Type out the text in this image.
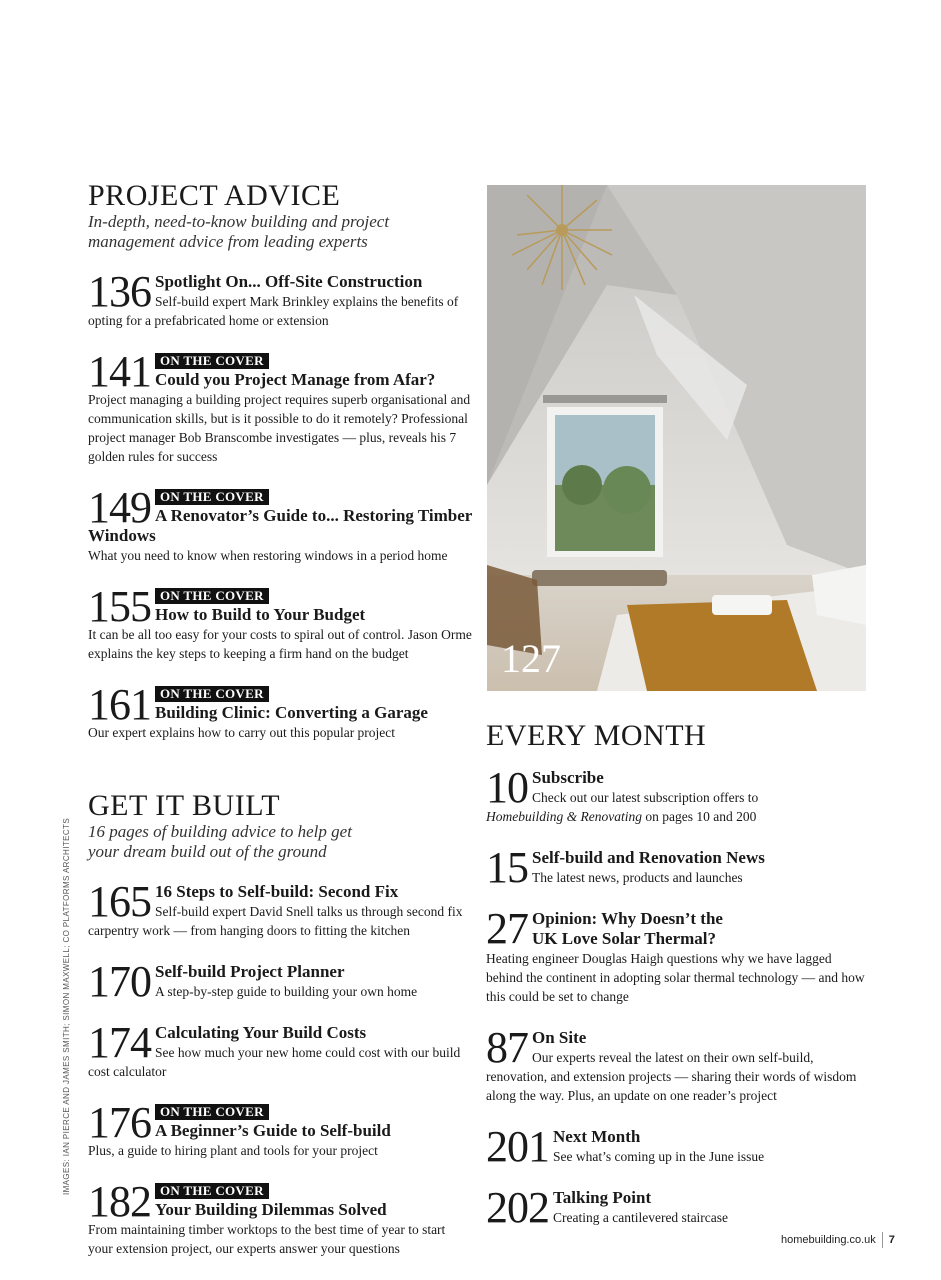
PROJECT ADVICE

In-depth, need-to-know building and project management advice from leading experts

136 Spotlight On... Off-Site Construction
Self-build expert Mark Brinkley explains the benefits of opting for a prefabricated home or extension
141 ON THE COVER
Could you Project Manage from Afar?
Project managing a building project requires superb organisational and communication skills, but is it possible to do it remotely? Professional project manager Bob Branscombe investigates — plus, reveals his 7 golden rules for success
149 ON THE COVER
A Renovator’s Guide to... Restoring Timber Windows
What you need to know when restoring windows in a period home
155 ON THE COVER
How to Build to Your Budget
It can be all too easy for your costs to spiral out of control. Jason Orme explains the key steps to keeping a firm hand on the budget
161 ON THE COVER
Building Clinic: Converting a Garage
Our expert explains how to carry out this popular project
GET IT BUILT

16 pages of building advice to help get your dream build out of the ground

165 16 Steps to Self-build: Second Fix
Self-build expert David Snell talks us through second fix carpentry work — from hanging doors to fitting the kitchen
170 Self-build Project Planner
A step-by-step guide to building your own home
174 Calculating Your Build Costs
See how much your new home could cost with our build cost calculator
176 ON THE COVER
A Beginner’s Guide to Self-build
Plus, a guide to hiring plant and tools for your project
182 ON THE COVER
Your Building Dilemmas Solved
From maintaining timber worktops to the best time of year to start your extension project, our experts answer your questions
127
EVERY MONTH
10 Subscribe
Check out our latest subscription offers to
Homebuilding & Renovating on pages 10 and 200
15 Self-build and Renovation News
The latest news, products and launches
27 Opinion: Why Doesn’t the UK Love Solar Thermal?
Heating engineer Douglas Haigh questions why we have lagged behind the continent in adopting solar thermal technology — and how this could be set to change
87 On Site
Our experts reveal the latest on their own self-build, renovation, and extension projects — sharing their words of wisdom along the way. Plus, an update on one reader’s project
201 Next Month
See what’s coming up in the June issue
202 Talking Point
Creating a cantilevered staircase
IMAGES: IAN PIERCE AND JAMES SMITH; SIMON MAXWELL; CO PLATFORMS ARCHITECTS
homebuilding.co.uk 7
